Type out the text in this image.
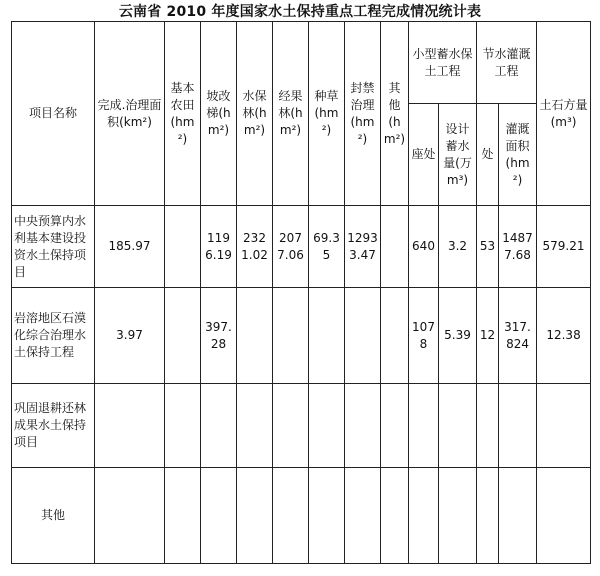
云南省 2010 年度国家水土保持重点工程完成情况统计表
项目名称	完成.治理面积(km²)	基本农田(hm²)	坡改梯(hm²)	水保林(hm²)	经果林(hm²)	种草(hm²)	封禁治理(hm²)	其他(hm²)	小型蓄水保土工程		节水灌溉工程		土石方量(m³)
									座处	设计蓄水量(万m³)	处	灌溉面积(hm²)	
中央预算内水利基本建设投资水土保持项目	185.97		1196.19	2321.02	2077.06	69.35	12933.47		640	3.2	53	14877.68	579.21
岩溶地区石漠化综合治理水土保持工程	3.97		397.28						1078	5.39	12	317.824	12.38
巩固退耕还林成果水土保持项目													
其他													
